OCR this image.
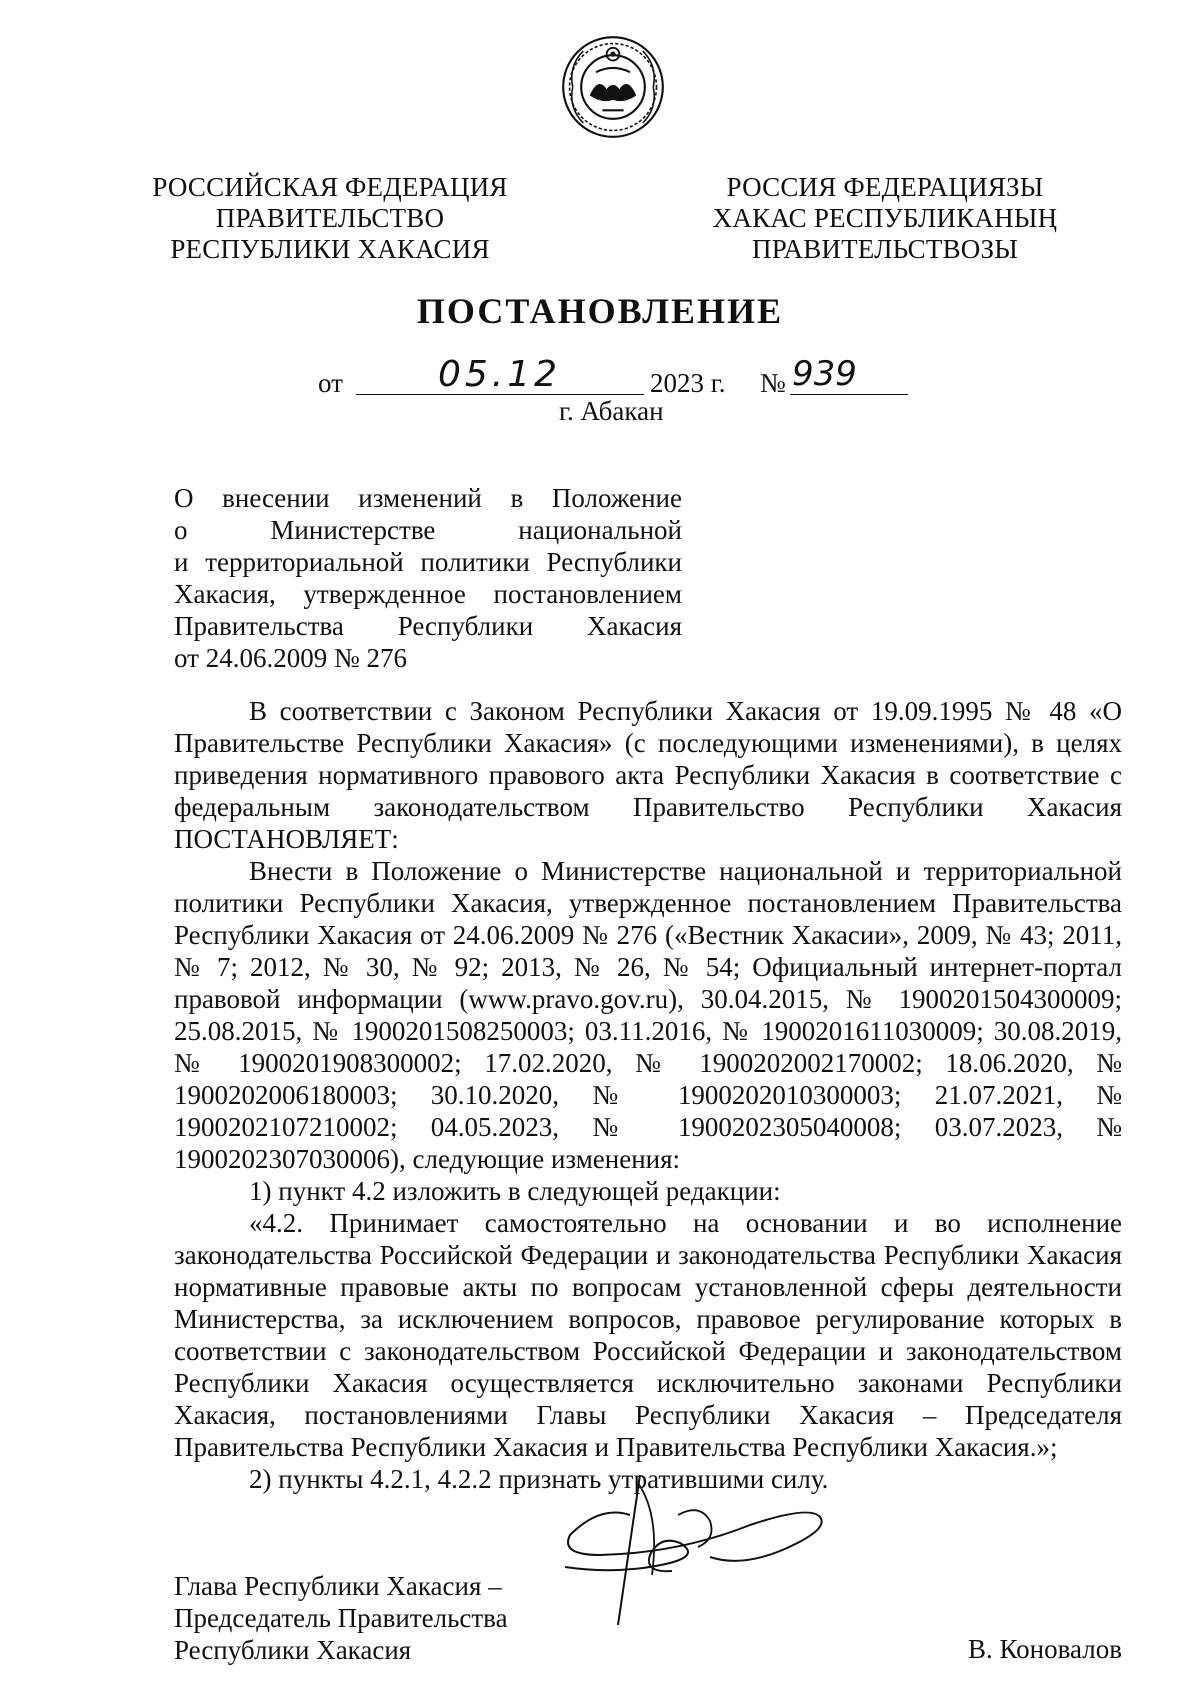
РОССИЙСКАЯ ФЕДЕРАЦИЯ
ПРАВИТЕЛЬСТВО
РЕСПУБЛИКИ ХАКАСИЯ
РОССИЯ ФЕДЕРАЦИЯЗЫ
ХАКАС РЕСПУБЛИКАНЫҢ
ПРАВИТЕЛЬСТВОЗЫ
ПОСТАНОВЛЕНИЕ
от	05.12	2023 г. № 939
г. Абакан
О внесении изменений в Положение
о Министерстве национальной
и территориальной политики Республики
Хакасия, утвержденное постановлением
Правительства Республики Хакасия
от 24.06.2009 № 276

В соответствии с Законом Республики Хакасия от 19.09.1995 № 48 «О Правительстве Республики Хакасия» (с последующими изменениями), в целях приведения нормативного правового акта Республики Хакасия в соответствие с федеральным законодательством Правительство Республики Хакасия ПОСТАНОВЛЯЕТ:

Внести в Положение о Министерстве национальной и территориальной политики Республики Хакасия, утвержденное постановлением Правительства Республики Хакасия от 24.06.2009 № 276 («Вестник Хакасии», 2009, № 43; 2011, № 7; 2012, № 30, № 92; 2013, № 26, № 54; Официальный интернет-портал правовой информации (www.pravo.gov.ru), 30.04.2015, № 1900201504300009; 25.08.2015, № 1900201508250003; 03.11.2016, № 1900201611030009; 30.08.2019, № 1900201908300002; 17.02.2020, № 1900202002170002; 18.06.2020, № 1900202006180003; 30.10.2020, № 1900202010300003; 21.07.2021, № 1900202107210002; 04.05.2023, № 1900202305040008; 03.07.2023, № 1900202307030006), следующие изменения:

1) пункт 4.2 изложить в следующей редакции:

«4.2. Принимает самостоятельно на основании и во исполнение законодательства Российской Федерации и законодательства Республики Хакасия нормативные правовые акты по вопросам установленной сферы деятельности Министерства, за исключением вопросов, правовое регулирование которых в соответствии с законодательством Российской Федерации и законодательством Республики Хакасия осуществляется исключительно законами Республики Хакасия, постановлениями Главы Республики Хакасия – Председателя Правительства Республики Хакасия и Правительства Республики Хакасия.»;

2) пункты 4.2.1, 4.2.2 признать утратившими силу.

Глава Республики Хакасия –
Председатель Правительства
Республики Хакасия	В. Коновалов
